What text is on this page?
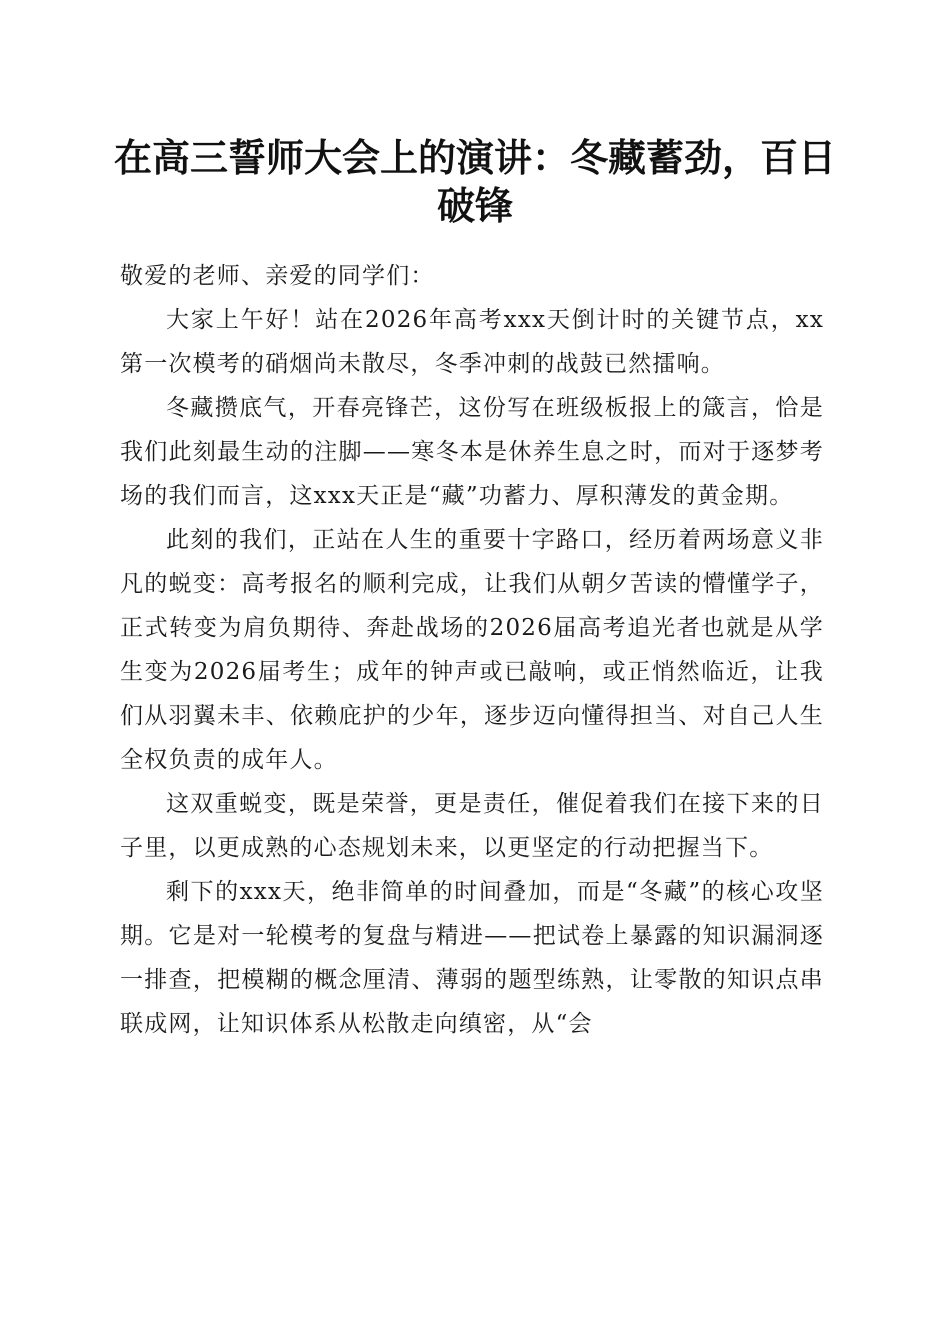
在高三誓师大会上的演讲：冬藏蓄劲，百日破锋

敬爱的老师、亲爱的同学们：

大家上午好！站在2026年高考xxx天倒计时的关键节点，xx第一次模考的硝烟尚未散尽，冬季冲刺的战鼓已然擂响。

冬藏攒底气，开春亮锋芒，这份写在班级板报上的箴言，恰是我们此刻最生动的注脚——寒冬本是休养生息之时，而对于逐梦考场的我们而言，这xxx天正是“藏”功蓄力、厚积薄发的黄金期。

此刻的我们，正站在人生的重要十字路口，经历着两场意义非凡的蜕变：高考报名的顺利完成，让我们从朝夕苦读的懵懂学子，正式转变为肩负期待、奔赴战场的2026届高考追光者也就是从学生变为2026届考生；成年的钟声或已敲响，或正悄然临近，让我们从羽翼未丰、依赖庇护的少年，逐步迈向懂得担当、对自己人生全权负责的成年人。

这双重蜕变，既是荣誉，更是责任，催促着我们在接下来的日子里，以更成熟的心态规划未来，以更坚定的行动把握当下。

剩下的xxx天，绝非简单的时间叠加，而是“冬藏”的核心攻坚期。它是对一轮模考的复盘与精进——把试卷上暴露的知识漏洞逐一排查，把模糊的概念厘清、薄弱的题型练熟，让零散的知识点串联成网，让知识体系从松散走向缜密，从“会
